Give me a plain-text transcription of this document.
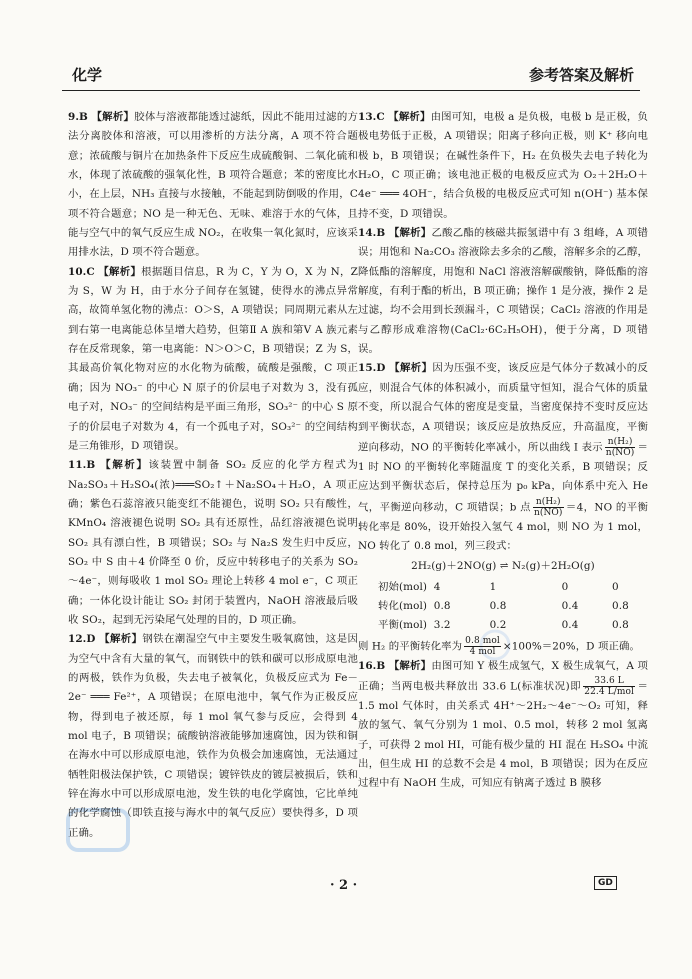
化学	参考答案及解析

9.B 【解析】胶体与溶液都能透过滤纸，因此不能用过滤的方法分离胶体和溶液，可以用渗析的方法分离，A 项不符合题意；浓硫酸与铜片在加热条件下反应生成硫酸铜、二氧化硫和水，体现了浓硫酸的强氧化性，B 项符合题意；苯的密度比水小，在上层，NH₃ 直接与水接触，不能起到防倒吸的作用，C 项不符合题意；NO 是一种无色、无味、难溶于水的气体，且能与空气中的氧气反应生成 NO₂，在收集一氧化氮时，应该采用排水法，D 项不符合题意。

10.C 【解析】根据题目信息，R 为 C，Y 为 O，X 为 N，Z 为 S，W 为 H，由于水分子间存在氢键，使得水的沸点异常高，故简单氢化物的沸点：O＞S，A 项错误；同周期元素从左到右第一电离能总体呈增大趋势，但第Ⅱ A 族和第Ⅴ A 族元素存在反常现象，第一电离能：N＞O＞C，B 项错误；Z 为 S，其最高价氧化物对应的水化物为硫酸，硫酸是强酸，C 项正确；因为 NO₃⁻ 的中心 N 原子的价层电子对数为 3，没有孤电子对，NO₃⁻ 的空间结构是平面三角形，SO₃²⁻ 的中心 S 原子的价层电子对数为 4，有一个孤电子对，SO₃²⁻ 的空间结构是三角锥形，D 项错误。

11.B 【解析】该装置中制备 SO₂ 反应的化学方程式为 Na₂SO₃＋H₂SO₄(浓)═══SO₂↑＋Na₂SO₄＋H₂O，A 项正确；紫色石蕊溶液只能变红不能褪色，说明 SO₂ 只有酸性，KMnO₄ 溶液褪色说明 SO₂ 具有还原性，品红溶液褪色说明 SO₂ 具有漂白性，B 项错误；SO₂ 与 Na₂S 发生归中反应，SO₂ 中 S 由＋4 价降至 0 价，反应中转移电子的关系为 SO₂～4e⁻，则每吸收 1 mol SO₂ 理论上转移 4 mol e⁻，C 项正确；一体化设计能让 SO₂ 封闭于装置内，NaOH 溶液最后吸收 SO₂，起到无污染尾气处理的目的，D 项正确。

12.D 【解析】钢铁在潮湿空气中主要发生吸氧腐蚀，这是因为空气中含有大量的氧气，而钢铁中的铁和碳可以形成原电池的两极，铁作为负极，失去电子被氧化，负极反应式为 Fe－2e⁻ ═══ Fe²⁺，A 项错误；在原电池中，氧气作为正极反应物，得到电子被还原，每 1 mol 氧气参与反应，会得到 4 mol 电子，B 项错误；硫酸钠溶液能够加速腐蚀，因为铁和铜在海水中可以形成原电池，铁作为负极会加速腐蚀，无法通过牺牲阳极法保护铁，C 项错误；镀锌铁皮的镀层被损后，铁和锌在海水中可以形成原电池，发生铁的电化学腐蚀，它比单纯的化学腐蚀（即铁直接与海水中的氧气反应）要快得多，D 项正确。

13.C 【解析】由图可知，电极 a 是负极，电极 b 是正极，负极电势低于正极，A 项错误；阳离子移向正极，则 K⁺ 移向电极 b，B 项错误；在碱性条件下，H₂ 在负极失去电子转化为 H₂O，C 项正确；该电池正极的电极反应式为 O₂＋2H₂O＋4e⁻ ═══ 4OH⁻，结合负极的电极反应式可知 n(OH⁻) 基本保持不变，D 项错误。

14.B 【解析】乙酸乙酯的核磁共振氢谱中有 3 组峰，A 项错误；用饱和 Na₂CO₃ 溶液除去多余的乙酸，溶解多余的乙醇，降低酯的溶解度，用饱和 NaCl 溶液溶解碳酸钠，降低酯的溶解度，有利于酯的析出，B 项正确；操作 1 是分液，操作 2 是过滤，均不会用到长颈漏斗，C 项错误；CaCl₂ 溶液的作用是与乙醇形成难溶物(CaCl₂·6C₂H₅OH)，便于分离，D 项错误。

15.D 【解析】因为压强不变，该反应是气体分子数减小的反应，则混合气体的体积减小，而质量守恒知，混合气体的质量不变，所以混合气体的密度是变量，当密度保持不变时反应达到平衡状态，A 项错误；该反应是放热反应，升高温度，平衡逆向移动，NO 的平衡转化率减小，所以曲线 I 表示 $\frac{\text{n(H₂)}}{n(NO)} =1$ 时 NO 的平衡转化率随温度 T 的变化关系，B 项错误；反应达到平衡状态后，保持总压为 p₀ kPa，向体系中充入 He 气，平衡逆向移动，C 项错误；b 点 $\frac{\text{n(H₂)}}{n(NO)} =4$，NO 的平衡转化率是 80%，设开始投入氢气 4 mol，则 NO 为 1 mol，NO 转化了 0.8 mol，列三段式：
2H₂(g)＋2NO(g) ⇌ N₂(g)＋2H₂O(g)
初始(mol) 4	1	0	0
转化(mol) 0.8	0.8	0.4	0.8
平衡(mol) 3.2	0.2	0.4	0.8
则 H₂ 的平衡转化率为 $\frac{\text{0.8 mol}}{\text{4 mol}} \times 100\%=20\%$，D 项正确。

16.B 【解析】由图可知 Y 极生成氢气，X 极生成氧气，A 项正确；当两电极共释放出 33.6 L(标准状况)即 $\frac{33.6 L}{\text{22.4 L/mol}} =1.5$ mol 气体时，由关系式 4H⁺～2H₂～4e⁻～O₂ 可知，释放的氢气、氧气分别为 1 mol、0.5 mol，转移 2 mol 氢离子，可获得 2 mol HI，可能有极少量的 HI 混在 H₂SO₄ 中流出，但生成 HI 的总数不会是 4 mol，B 项错误；因为在反应过程中有 NaOH 生成，可知应有钠离子透过 B 膜移

· 2 ·	GD
